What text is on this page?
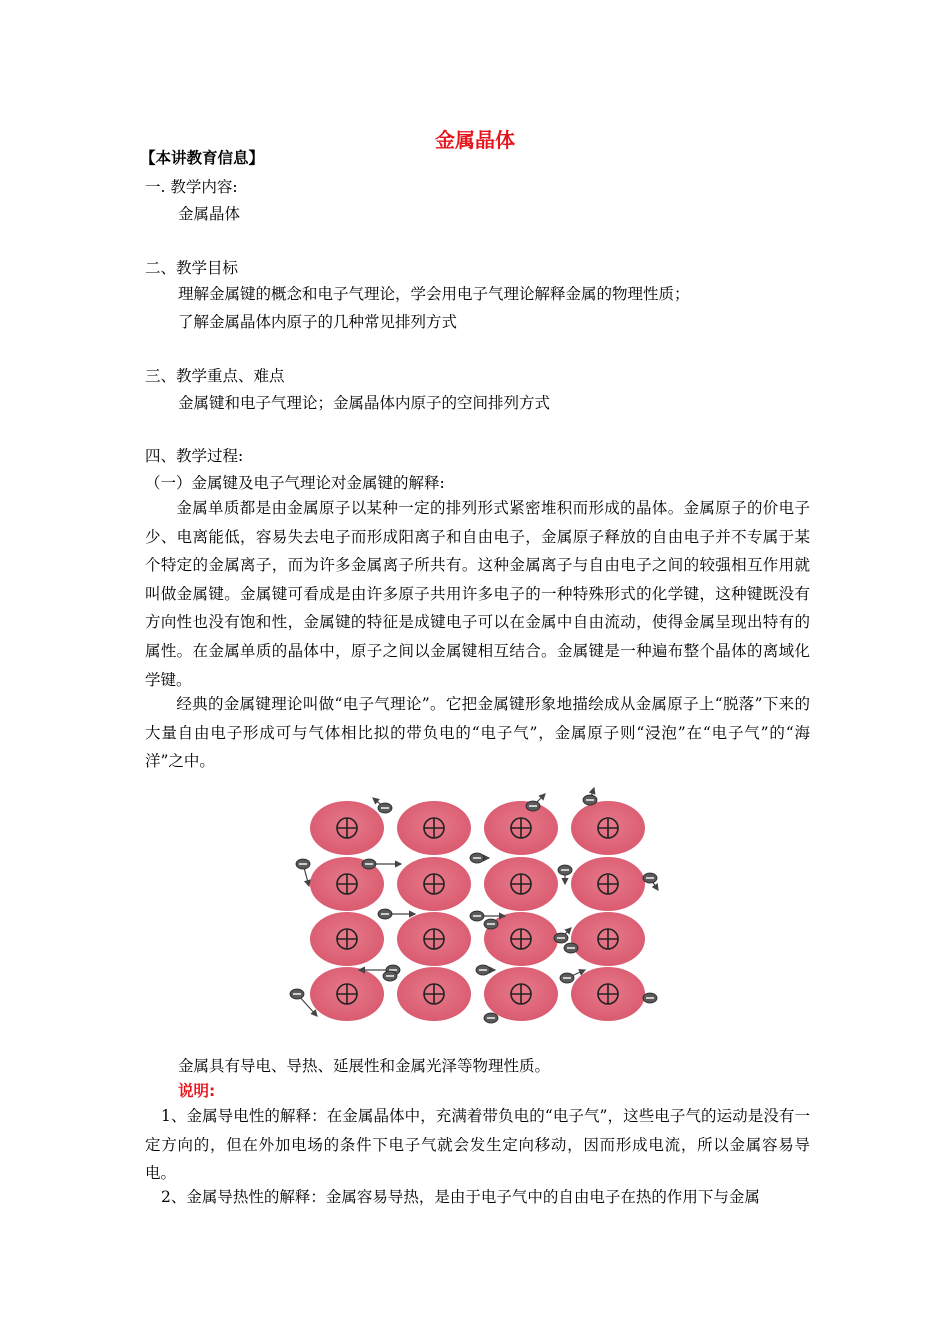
金属晶体
【本讲教育信息】
一. 教学内容:
金属晶体
二、教学目标
理解金属键的概念和电子气理论，学会用电子气理论解释金属的物理性质；
了解金属晶体内原子的几种常见排列方式
三、教学重点、难点
金属键和电子气理论；金属晶体内原子的空间排列方式
四、教学过程:
（一）金属键及电子气理论对金属键的解释:
金属单质都是由金属原子以某种一定的排列形式紧密堆积而形成的晶体。金属原子的价电子少、电离能低，容易失去电子而形成阳离子和自由电子，金属原子释放的自由电子并不专属于某个特定的金属离子，而为许多金属离子所共有。这种金属离子与自由电子之间的较强相互作用就叫做金属键。金属键可看成是由许多原子共用许多电子的一种特殊形式的化学键，这种键既没有方向性也没有饱和性，金属键的特征是成键电子可以在金属中自由流动，使得金属呈现出特有的属性。在金属单质的晶体中，原子之间以金属键相互结合。金属键是一种遍布整个晶体的离域化学键。
经典的金属键理论叫做“电子气理论”。它把金属键形象地描绘成从金属原子上“脱落”下来的大量自由电子形成可与气体相比拟的带负电的“电子气”，金属原子则“浸泡”在“电子气”的“海洋”之中。
金属具有导电、导热、延展性和金属光泽等物理性质。
说明:
1、金属导电性的解释：在金属晶体中，充满着带负电的“电子气”，这些电子气的运动是没有一定方向的，但在外加电场的条件下电子气就会发生定向移动，因而形成电流，所以金属容易导电。
2、金属导热性的解释：金属容易导热，是由于电子气中的自由电子在热的作用下与金属
